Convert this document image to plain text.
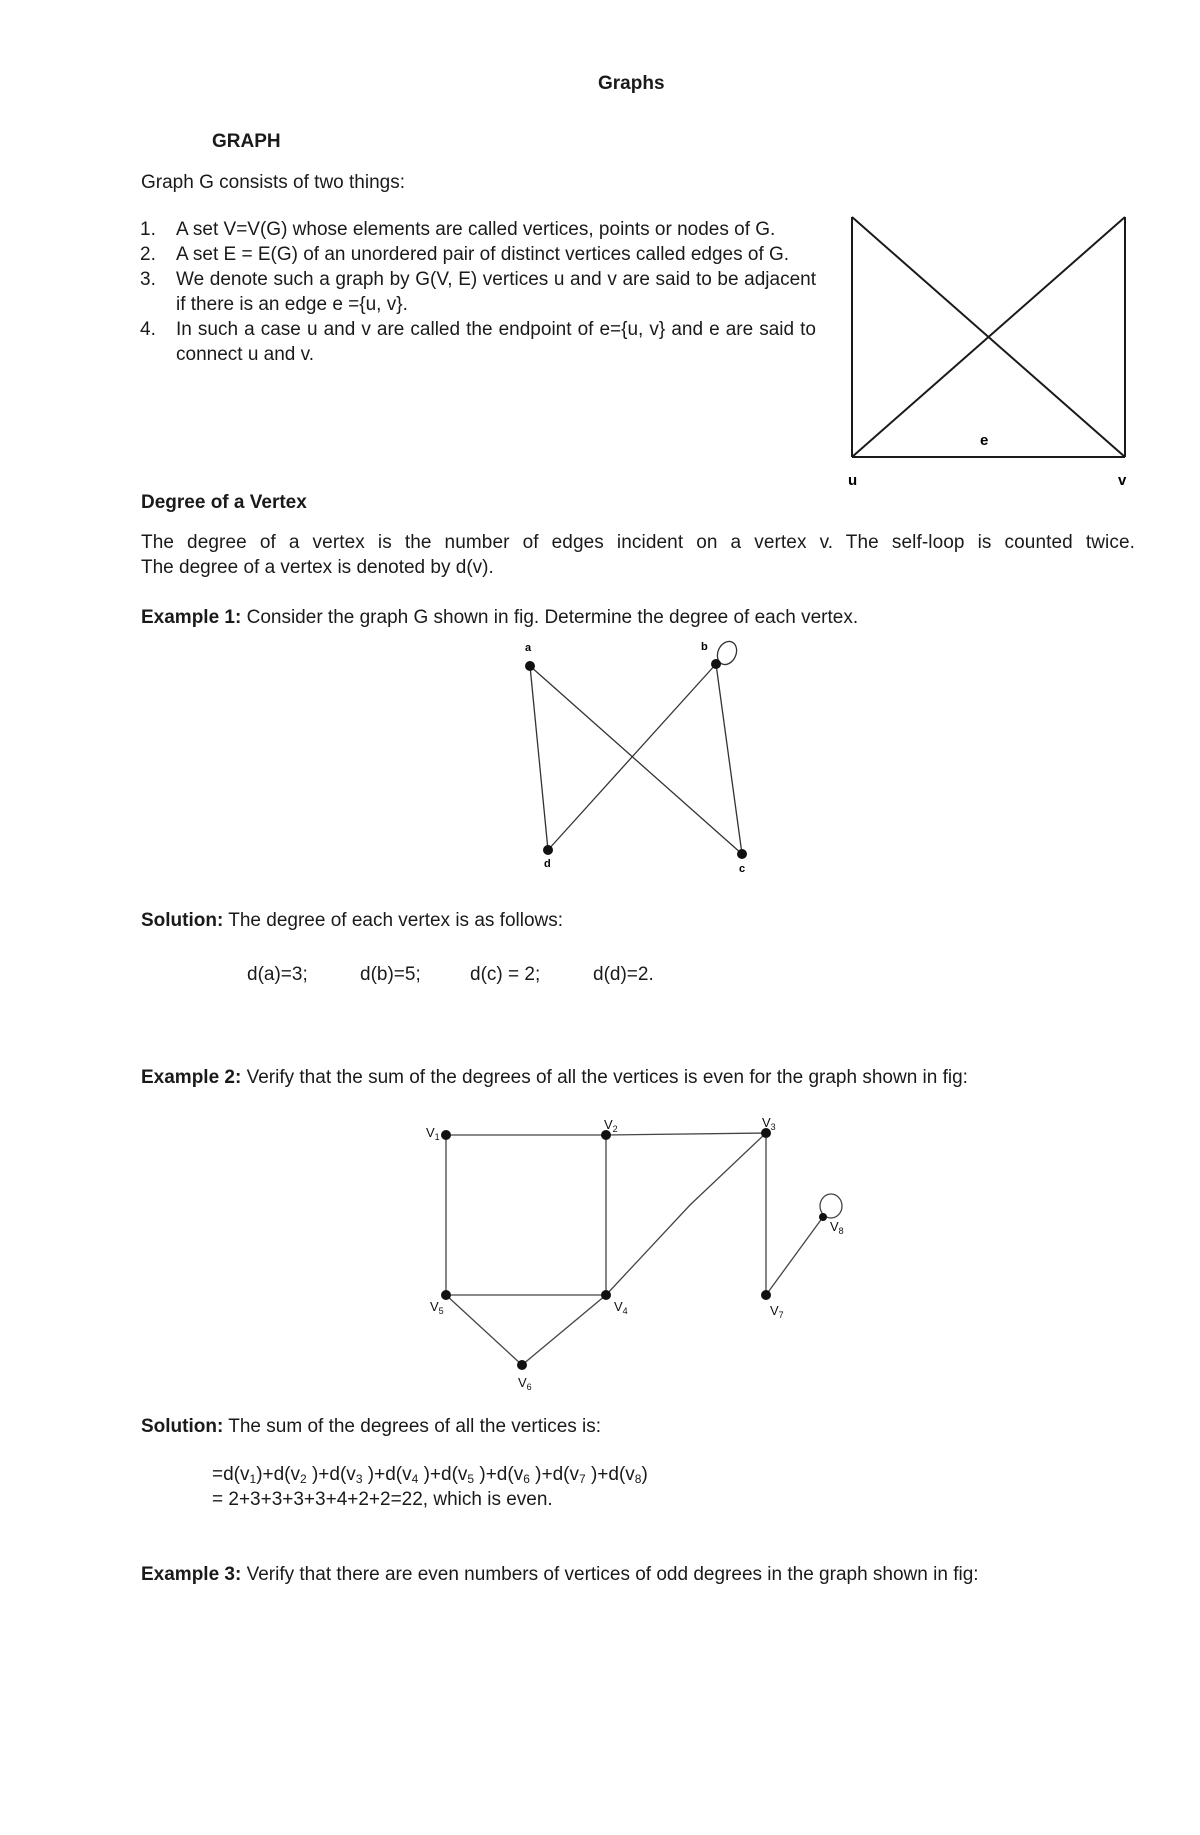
Graphs
GRAPH
Graph G consists of two things:
1. A set V=V(G) whose elements are called vertices, points or nodes of G.
2. A set E = E(G) of an unordered pair of distinct vertices called edges of G.
3. We denote such a graph by G(V, E) vertices u and v are said to be adjacent if there is an edge e ={u, v}.
4. In such a case u and v are called the endpoint of e={u, v} and e are said to connect u and v.
e
u	v
Degree of a Vertex
The degree of a vertex is the number of edges incident on a vertex v. The self-loop is counted twice.
The degree of a vertex is denoted by d(v).
Example 1: Consider the graph G shown in fig. Determine the degree of each vertex.
a	b
c
d
Solution: The degree of each vertex is as follows:
d(a)=3;	d(b)=5;	d(c) = 2;	d(d)=2.
Example 2: Verify that the sum of the degrees of all the vertices is even for the graph shown in fig:
$V_1$
$V_2$	$V_3$
$V_4$
$V_5$
$V_6$
$V_7$
$V_8$
Solution: The sum of the degrees of all the vertices is:
$=d(v_1)+d(v_2$ )$+d(v_3$ )$+d(v_4$ )$+d(v_5$ )$+d(v_6$ )$+d(v_7$ )$+d(v_8)$
= 2+3+3+3+3+4+2+2=22, which is even.
Example 3: Verify that there are even numbers of vertices of odd degrees in the graph shown in fig:
